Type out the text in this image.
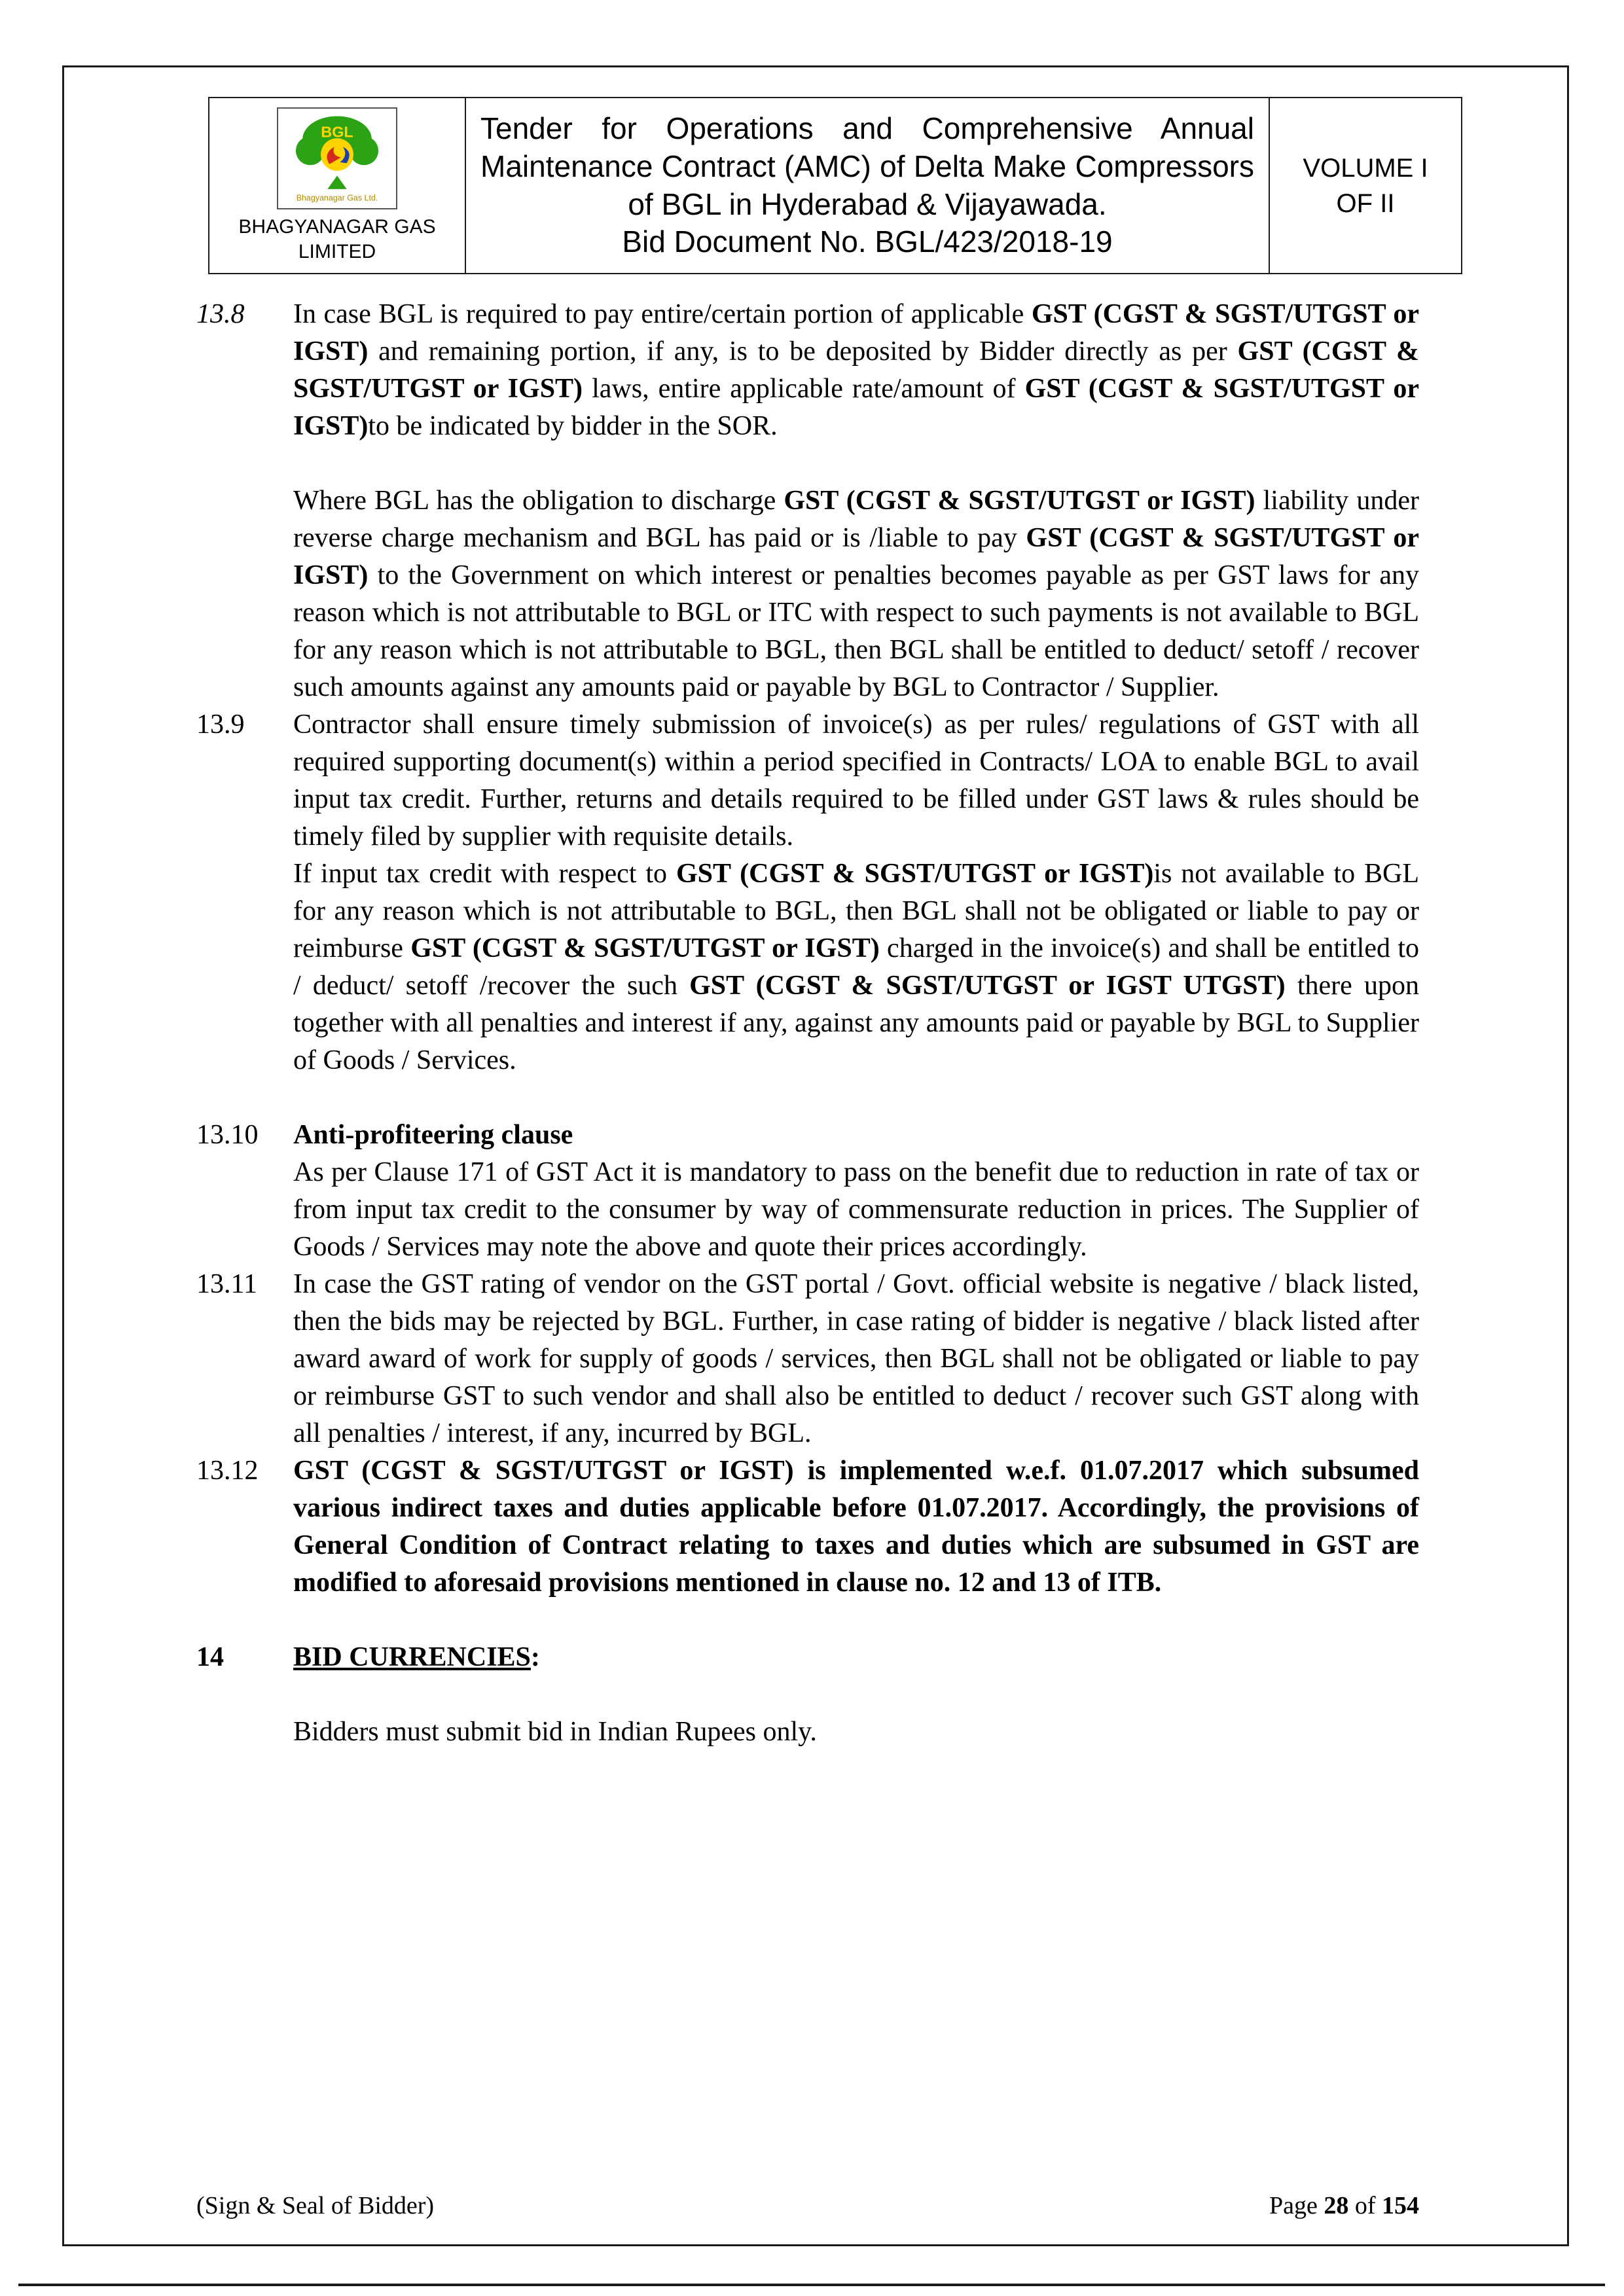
BGL
Bhagyanagar Gas Ltd.
BHAGYANAGAR GAS
LIMITED
Tender for Operations and Comprehensive Annual Maintenance Contract (AMC) of Delta Make Compressors of BGL in Hyderabad & Vijayawada.
Bid Document No. BGL/423/2018-19
VOLUME I
OF II
13.8	In case BGL is required to pay entire/certain portion of applicable GST (CGST & SGST/UTGST or IGST) and remaining portion, if any, is to be deposited by Bidder directly as per GST (CGST & SGST/UTGST or IGST) laws, entire applicable rate/amount of GST (CGST & SGST/UTGST or IGST)to be indicated by bidder in the SOR.

Where BGL has the obligation to discharge GST (CGST & SGST/UTGST or IGST) liability under reverse charge mechanism and BGL has paid or is /liable to pay GST (CGST & SGST/UTGST or IGST) to the Government on which interest or penalties becomes payable as per GST laws for any reason which is not attributable to BGL or ITC with respect to such payments is not available to BGL for any reason which is not attributable to BGL, then BGL shall be entitled to deduct/ setoff / recover such amounts against any amounts paid or payable by BGL to Contractor / Supplier.

13.9	Contractor shall ensure timely submission of invoice(s) as per rules/ regulations of GST with all required supporting document(s) within a period specified in Contracts/ LOA to enable BGL to avail input tax credit. Further, returns and details required to be filled under GST laws & rules should be timely filed by supplier with requisite details.

If input tax credit with respect to GST (CGST & SGST/UTGST or IGST)is not available to BGL for any reason which is not attributable to BGL, then BGL shall not be obligated or liable to pay or reimburse GST (CGST & SGST/UTGST or IGST) charged in the invoice(s) and shall be entitled to / deduct/ setoff /recover the such GST (CGST & SGST/UTGST or IGST UTGST) there upon together with all penalties and interest if any, against any amounts paid or payable by BGL to Supplier of Goods / Services.

13.10	Anti-profiteering clause

As per Clause 171 of GST Act it is mandatory to pass on the benefit due to reduction in rate of tax or from input tax credit to the consumer by way of commensurate reduction in prices. The Supplier of Goods / Services may note the above and quote their prices accordingly.

13.11	In case the GST rating of vendor on the GST portal / Govt. official website is negative / black listed, then the bids may be rejected by BGL. Further, in case rating of bidder is negative / black listed after award award of work for supply of goods / services, then BGL shall not be obligated or liable to pay or reimburse GST to such vendor and shall also be entitled to deduct / recover such GST along with all penalties / interest, if any, incurred by BGL.

13.12	GST (CGST & SGST/UTGST or IGST) is implemented w.e.f. 01.07.2017 which subsumed various indirect taxes and duties applicable before 01.07.2017. Accordingly, the provisions of General Condition of Contract relating to taxes and duties which are subsumed in GST are modified to aforesaid provisions mentioned in clause no. 12 and 13 of ITB.

14	BID CURRENCIES:

Bidders must submit bid in Indian Rupees only.

(Sign & Seal of Bidder)	Page 28 of 154
